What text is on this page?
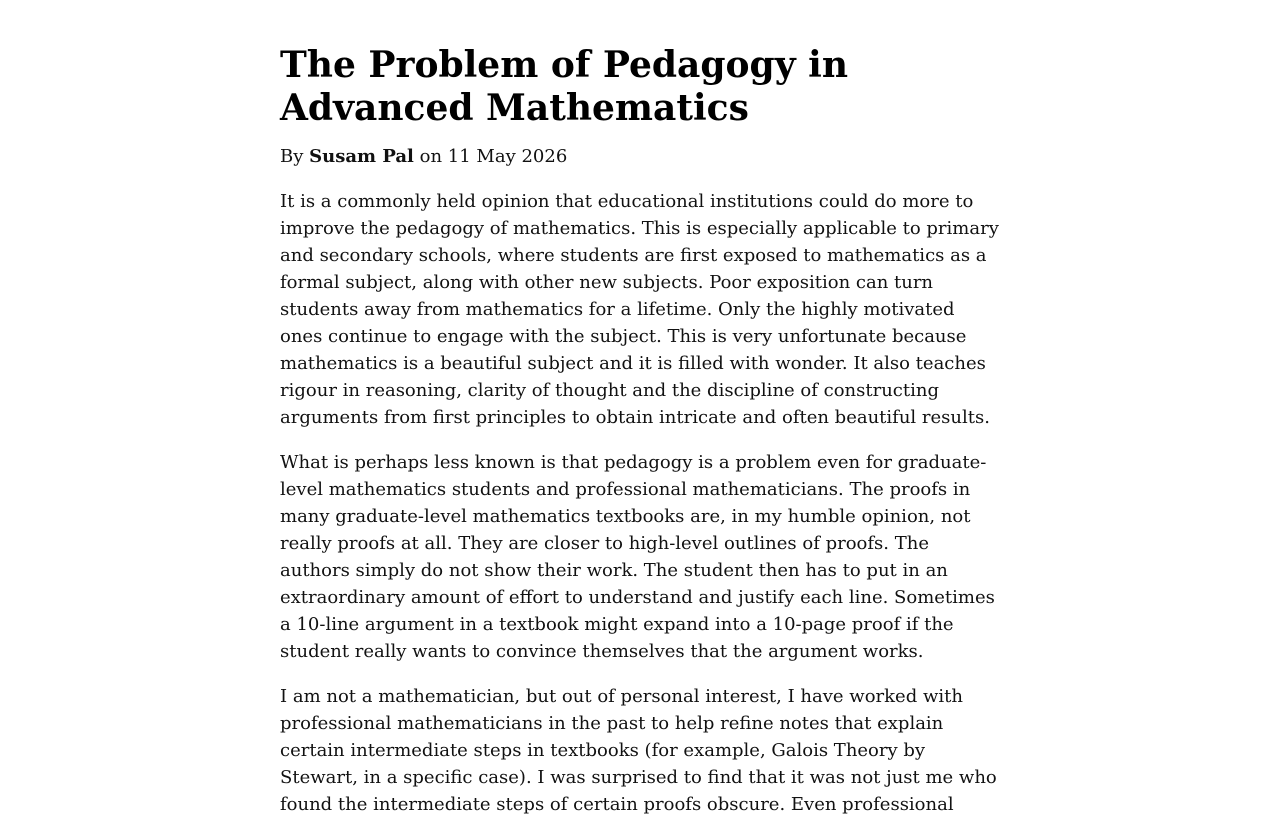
The Problem of Pedagogy in Advanced Mathematics

By Susam Pal on 11 May 2026

It is a commonly held opinion that educational institutions could do more to improve the pedagogy of mathematics. This is especially applicable to primary and secondary schools, where students are first exposed to mathematics as a formal subject, along with other new subjects. Poor exposition can turn students away from mathematics for a lifetime. Only the highly motivated ones continue to engage with the subject. This is very unfortunate because mathematics is a beautiful subject and it is filled with wonder. It also teaches rigour in reasoning, clarity of thought and the discipline of constructing arguments from first principles to obtain intricate and often beautiful results.

What is perhaps less known is that pedagogy is a problem even for graduate-level mathematics students and professional mathematicians. The proofs in many graduate-level mathematics textbooks are, in my humble opinion, not really proofs at all. They are closer to high-level outlines of proofs. The authors simply do not show their work. The student then has to put in an extraordinary amount of effort to understand and justify each line. Sometimes a 10-line argument in a textbook might expand into a 10-page proof if the student really wants to convince themselves that the argument works.

I am not a mathematician, but out of personal interest, I have worked with professional mathematicians in the past to help refine notes that explain certain intermediate steps in textbooks (for example, Galois Theory by Stewart, in a specific case). I was surprised to find that it was not just me who found the intermediate steps of certain proofs obscure. Even professional
